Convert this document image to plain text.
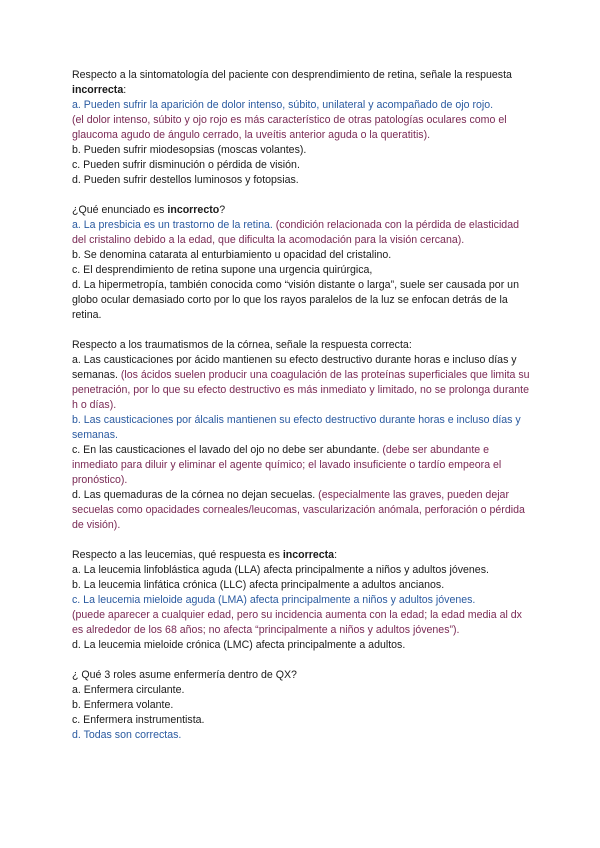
Respecto a la sintomatología del paciente con desprendimiento de retina, señale la respuesta incorrecta:
a. Pueden sufrir la aparición de dolor intenso, súbito, unilateral y acompañado de ojo rojo.
(el dolor intenso, súbito y ojo rojo es más característico de otras patologías oculares como el glaucoma agudo de ángulo cerrado, la uveítis anterior aguda o la queratitis).
b. Pueden sufrir miodesopsias (moscas volantes).
c. Pueden sufrir disminución o pérdida de visión.
d. Pueden sufrir destellos luminosos y fotopsias.
¿Qué enunciado es incorrecto?
a. La presbicia es un trastorno de la retina. (condición relacionada con la pérdida de elasticidad del cristalino debido a la edad, que dificulta la acomodación para la visión cercana).
b. Se denomina catarata al enturbiamiento u opacidad del cristalino.
c. El desprendimiento de retina supone una urgencia quirúrgica,
d. La hipermetropía, también conocida como “visión distante o larga”, suele ser causada por un globo ocular demasiado corto por lo que los rayos paralelos de la luz se enfocan detrás de la retina.
Respecto a los traumatismos de la córnea, señale la respuesta correcta:
a. Las causticaciones por ácido mantienen su efecto destructivo durante horas e incluso días y semanas. (los ácidos suelen producir una coagulación de las proteínas superficiales que limita su penetración, por lo que su efecto destructivo es más inmediato y limitado, no se prolonga durante h o días).
b. Las causticaciones por álcalis mantienen su efecto destructivo durante horas e incluso días y semanas.
c. En las causticaciones el lavado del ojo no debe ser abundante. (debe ser abundante e inmediato para diluir y eliminar el agente químico; el lavado insuficiente o tardío empeora el pronóstico).
d. Las quemaduras de la córnea no dejan secuelas. (especialmente las graves, pueden dejar secuelas como opacidades corneales/leucomas, vascularización anómala, perforación o pérdida de visión).
Respecto a las leucemias, qué respuesta es incorrecta:
a. La leucemia linfoblástica aguda (LLA) afecta principalmente a niños y adultos jóvenes.
b. La leucemia linfática crónica (LLC) afecta principalmente a adultos ancianos.
c. La leucemia mieloide aguda (LMA) afecta principalmente a niños y adultos jóvenes.
(puede aparecer a cualquier edad, pero su incidencia aumenta con la edad; la edad media al dx es alrededor de los 68 años; no afecta “principalmente a niños y adultos jóvenes”).
d. La leucemia mieloide crónica (LMC) afecta principalmente a adultos.
¿ Qué 3 roles asume enfermería dentro de QX?
a. Enfermera circulante.
b. Enfermera volante.
c. Enfermera instrumentista.
d. Todas son correctas.
